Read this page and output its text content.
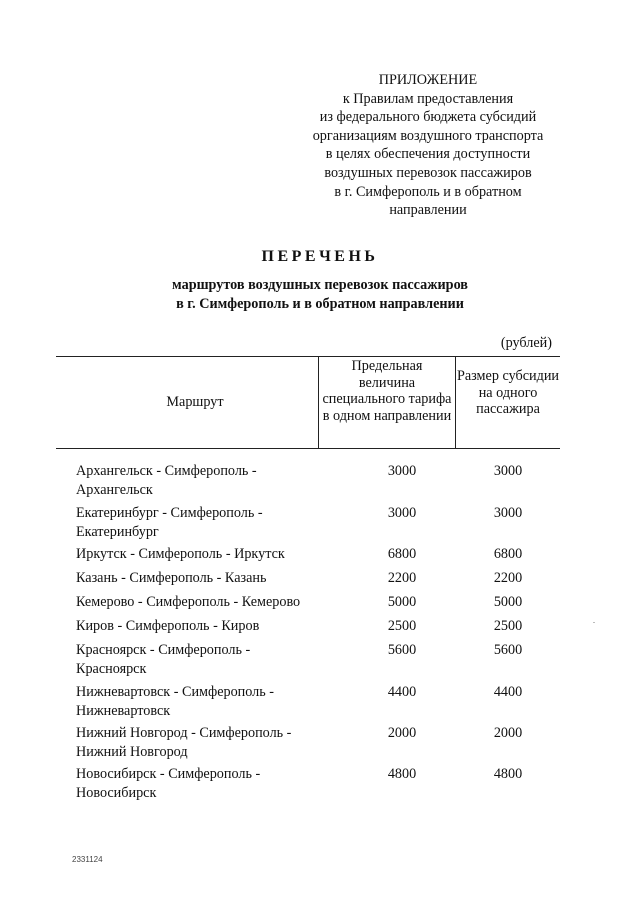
ПРИЛОЖЕНИЕ
к Правилам предоставления
из федерального бюджета субсидий
организациям воздушного транспорта
в целях обеспечения доступности
воздушных перевозок пассажиров
в г. Симферополь и в обратном
направлении
ПЕРЕЧЕНЬ
маршрутов воздушных перевозок пассажиров
в г. Симферополь и в обратном направлении
(рублей)
Маршрут
Предельная величина специального тарифа в одном направлении
Размер субсидии на одного пассажира
Архангельск - Симферополь -
Архангельск
3000	3000
Екатеринбург - Симферополь -
Екатеринбург
3000	3000
Иркутск - Симферополь - Иркутск	6800	6800
Казань - Симферополь - Казань	2200	2200
Кемерово - Симферополь - Кемерово	5000	5000
Киров - Симферополь - Киров	2500	2500
Красноярск - Симферополь -
Красноярск
5600	5600
Нижневартовск - Симферополь -
Нижневартовск
4400	4400
Нижний Новгород - Симферополь -
Нижний Новгород
2000	2000
Новосибирск - Симферополь -
Новосибирск
4800	4800
2331124
